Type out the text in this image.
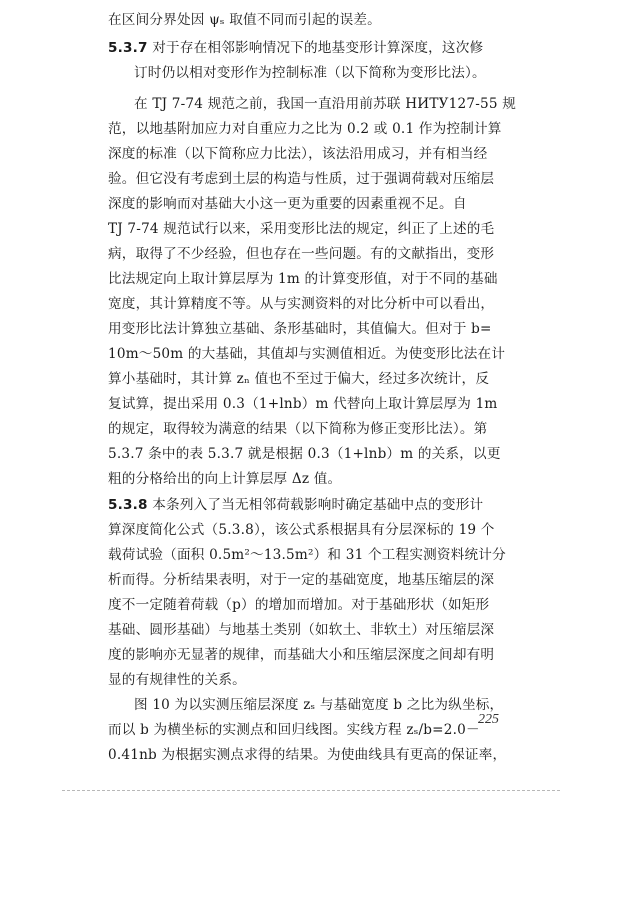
在区间分界处因 ψₛ 取值不同而引起的误差。
5.3.7 对于存在相邻影响情况下的地基变形计算深度，这次修
订时仍以相对变形作为控制标准（以下简称为变形比法）。
在 TJ 7-74 规范之前，我国一直沿用前苏联 НИТУ127-55 规
范，以地基附加应力对自重应力之比为 0.2 或 0.1 作为控制计算
深度的标准（以下简称应力比法），该法沿用成习，并有相当经
验。但它没有考虑到土层的构造与性质，过于强调荷载对压缩层
深度的影响而对基础大小这一更为重要的因素重视不足。自
TJ 7-74 规范试行以来，采用变形比法的规定，纠正了上述的毛
病，取得了不少经验，但也存在一些问题。有的文献指出，变形
比法规定向上取计算层厚为 1m 的计算变形值，对于不同的基础
宽度，其计算精度不等。从与实测资料的对比分析中可以看出，
用变形比法计算独立基础、条形基础时，其值偏大。但对于 b=
10m～50m 的大基础，其值却与实测值相近。为使变形比法在计
算小基础时，其计算 zₙ 值也不至过于偏大，经过多次统计，反
复试算，提出采用 0.3（1+lnb）m 代替向上取计算层厚为 1m
的规定，取得较为满意的结果（以下简称为修正变形比法）。第
5.3.7 条中的表 5.3.7 就是根据 0.3（1+lnb）m 的关系，以更
粗的分格给出的向上计算层厚 Δz 值。
5.3.8 本条列入了当无相邻荷载影响时确定基础中点的变形计
算深度简化公式（5.3.8），该公式系根据具有分层深标的 19 个
载荷试验（面积 0.5m²～13.5m²）和 31 个工程实测资料统计分
析而得。分析结果表明，对于一定的基础宽度，地基压缩层的深
度不一定随着荷载（p）的增加而增加。对于基础形状（如矩形
基础、圆形基础）与地基土类别（如软土、非软土）对压缩层深
度的影响亦无显著的规律，而基础大小和压缩层深度之间却有明
显的有规律性的关系。
图 10 为以实测压缩层深度 zₛ 与基础宽度 b 之比为纵坐标，
而以 b 为横坐标的实测点和回归线图。实线方程 zₛ/b=2.0－
0.41nb 为根据实测点求得的结果。为使曲线具有更高的保证率，
225
